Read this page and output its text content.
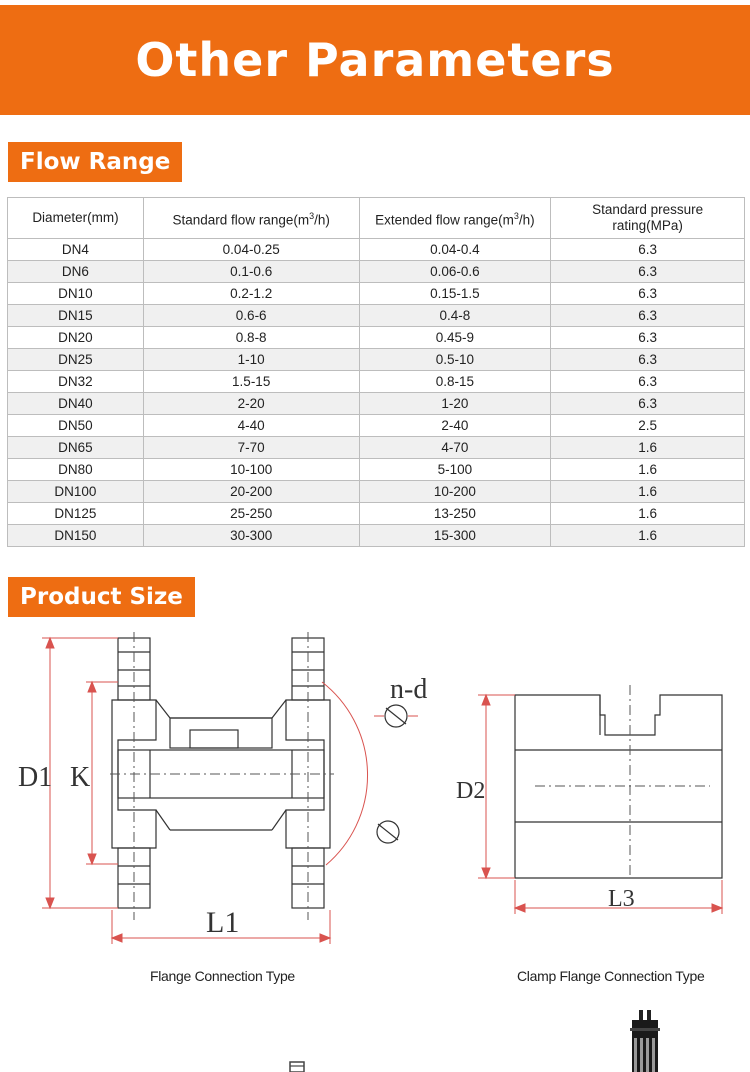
Other Parameters
Flow Range
Diameter(mm)	Standard flow $range(m^3/h)$	Extended flow $range(m^3/h)$	Standard pressure rating(MPa)
DN4	0.04-0.25	0.04-0.4	6.3
DN6	0.1-0.6	0.06-0.6	6.3
DN10	0.2-1.2	0.15-1.5	6.3
DN15	0.6-6	0.4-8	6.3
DN20	0.8-8	0.45-9	6.3
DN25	1-10	0.5-10	6.3
DN32	1.5-15	0.8-15	6.3
DN40	2-20	1-20	6.3
DN50	4-40	2-40	2.5
DN65	7-70	4-70	1.6
DN80	10-100	5-100	1.6
DN100	20-200	10-200	1.6
DN125	25-250	13-250	1.6
DN150	30-300	15-300	1.6
Product Size
D1 K
L1
n-d
Flange Connection Type
D2
L3
Clamp Flange Connection Type
